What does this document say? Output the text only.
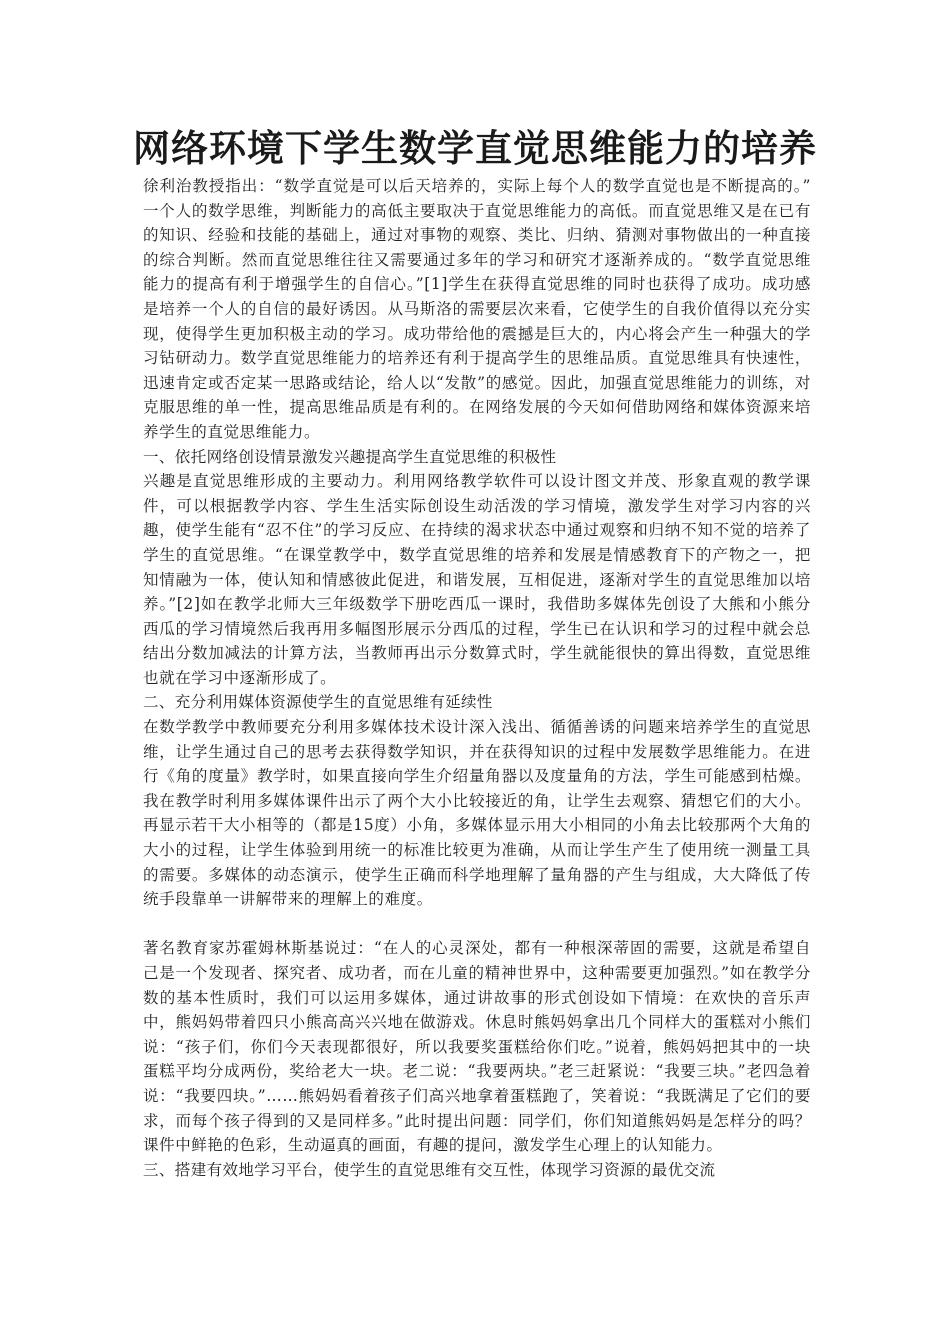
网络环境下学生数学直觉思维能力的培养

徐利治教授指出：“数学直觉是可以后天培养的，实际上每个人的数学直觉也是不断提高的。” 一个人的数学思维，判断能力的高低主要取决于直觉思维能力的高低。而直觉思维又是在已有的知识、经验和技能的基础上，通过对事物的观察、类比、归纳、猜测对事物做出的一种直接的综合判断。然而直觉思维往往又需要通过多年的学习和研究才逐渐养成的。“数学直觉思维能力的提高有利于增强学生的自信心。”[1]学生在获得直觉思维的同时也获得了成功。成功感是培养一个人的自信的最好诱因。从马斯洛的需要层次来看，它使学生的自我价值得以充分实现，使得学生更加积极主动的学习。成功带给他的震撼是巨大的，内心将会产生一种强大的学习钻研动力。数学直觉思维能力的培养还有利于提高学生的思维品质。直觉思维具有快速性，迅速肯定或否定某一思路或结论，给人以“发散”的感觉。因此，加强直觉思维能力的训练，对克服思维的单一性，提高思维品质是有利的。在网络发展的今天如何借助网络和媒体资源来培养学生的直觉思维能力。

一、依托网络创设情景激发兴趣提高学生直觉思维的积极性

兴趣是直觉思维形成的主要动力。利用网络教学软件可以设计图文并茂、形象直观的教学课件，可以根据教学内容、学生生活实际创设生动活泼的学习情境，激发学生对学习内容的兴趣，使学生能有“忍不住”的学习反应、在持续的渴求状态中通过观察和归纳不知不觉的培养了学生的直觉思维。“在课堂教学中，数学直觉思维的培养和发展是情感教育下的产物之一，把知情融为一体，使认知和情感彼此促进，和谐发展，互相促进，逐渐对学生的直觉思维加以培养。”[2]如在教学北师大三年级数学下册吃西瓜一课时，我借助多媒体先创设了大熊和小熊分西瓜的学习情境然后我再用多幅图形展示分西瓜的过程，学生已在认识和学习的过程中就会总结出分数加减法的计算方法，当教师再出示分数算式时，学生就能很快的算出得数，直觉思维也就在学习中逐渐形成了。

二、充分利用媒体资源使学生的直觉思维有延续性

在数学教学中教师要充分利用多媒体技术设计深入浅出、循循善诱的问题来培养学生的直觉思维，让学生通过自己的思考去获得数学知识，并在获得知识的过程中发展数学思维能力。在进行《角的度量》教学时，如果直接向学生介绍量角器以及度量角的方法，学生可能感到枯燥。我在教学时利用多媒体课件出示了两个大小比较接近的角，让学生去观察、猜想它们的大小。再显示若干大小相等的（都是15度）小角，多媒体显示用大小相同的小角去比较那两个大角的大小的过程，让学生体验到用统一的标准比较更为准确，从而让学生产生了使用统一测量工具的需要。多媒体的动态演示，使学生正确而科学地理解了量角器的产生与组成，大大降低了传统手段靠单一讲解带来的理解上的难度。

著名教育家苏霍姆林斯基说过：“在人的心灵深处，都有一种根深蒂固的需要，这就是希望自己是一个发现者、探究者、成功者，而在儿童的精神世界中，这种需要更加强烈。”如在教学分数的基本性质时，我们可以运用多媒体，通过讲故事的形式创设如下情境：在欢快的音乐声中，熊妈妈带着四只小熊高高兴兴地在做游戏。休息时熊妈妈拿出几个同样大的蛋糕对小熊们说：“孩子们，你们今天表现都很好，所以我要奖蛋糕给你们吃。”说着，熊妈妈把其中的一块蛋糕平均分成两份，奖给老大一块。老二说：“我要两块。”老三赶紧说：“我要三块。”老四急着说：“我要四块。”……熊妈妈看着孩子们高兴地拿着蛋糕跑了，笑着说：“我既满足了它们的要求，而每个孩子得到的又是同样多。”此时提出问题：同学们，你们知道熊妈妈是怎样分的吗？课件中鲜艳的色彩，生动逼真的画面，有趣的提问，激发学生心理上的认知能力。

三、搭建有效地学习平台，使学生的直觉思维有交互性，体现学习资源的最优交流
